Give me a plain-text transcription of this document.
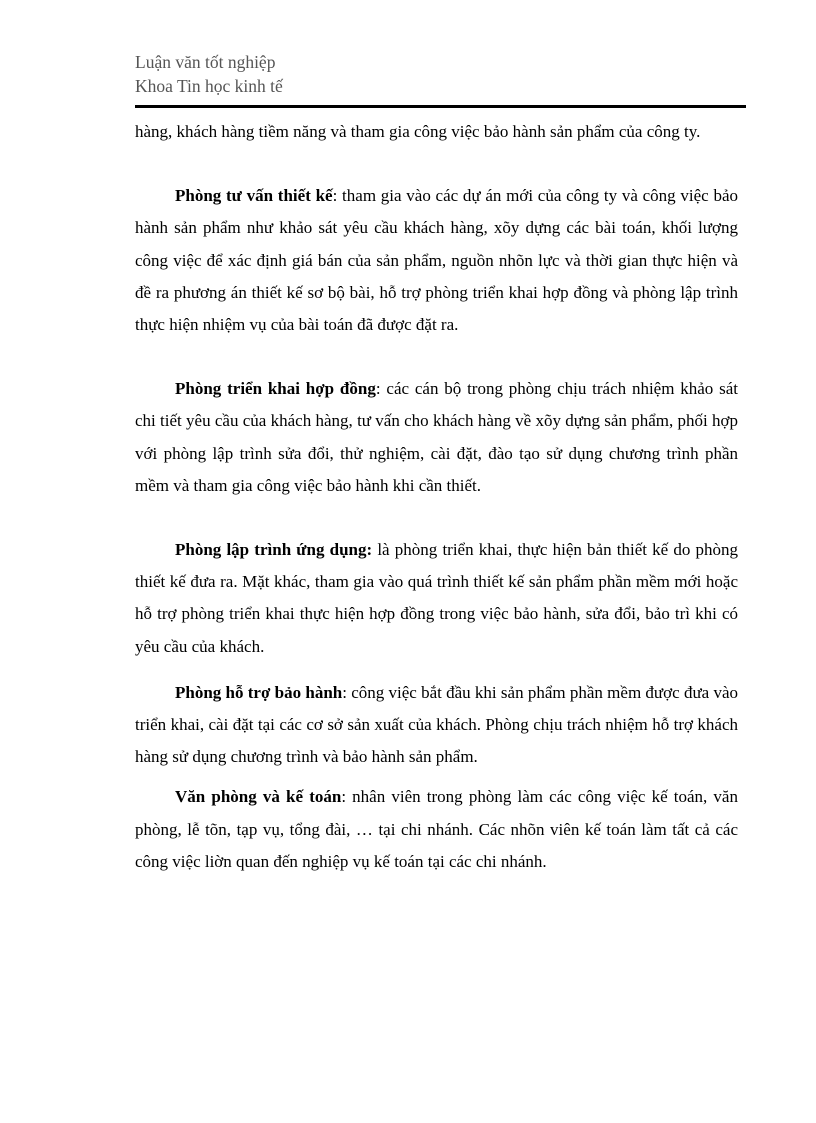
Luận văn tốt nghiệp
Khoa Tin học kinh tế

hàng, khách hàng tiềm năng và tham gia công việc bảo hành sản phẩm của công ty.

Phòng tư vấn thiết kế: tham gia vào các dự án mới của công ty và công việc bảo hành sản phẩm như khảo sát yêu cầu khách hàng, xõy dựng các bài toán, khối lượng công việc để xác định giá bán của sản phẩm, nguồn nhõn lực và thời gian thực hiện và đề ra phương án thiết kế sơ bộ bài, hỗ trợ phòng triển khai hợp đồng và phòng lập trình thực hiện nhiệm vụ của bài toán đã được đặt ra.

Phòng triển khai hợp đồng: các cán bộ trong phòng chịu trách nhiệm khảo sát chi tiết yêu cầu của khách hàng, tư vấn cho khách hàng về xõy dựng sản phẩm, phối hợp với phòng lập trình sửa đổi, thử nghiệm, cài đặt, đào tạo sử dụng chương trình phần mềm và tham gia công việc bảo hành khi cần thiết.

Phòng lập trình ứng dụng: là phòng triển khai, thực hiện bản thiết kế do phòng thiết kế đưa ra. Mặt khác, tham gia vào quá trình thiết kế sản phẩm phần mềm mới hoặc hỗ trợ phòng triển khai thực hiện hợp đồng trong việc bảo hành, sửa đổi, bảo trì khi có yêu cầu của khách.

Phòng hỗ trợ bảo hành: công việc bắt đầu khi sản phẩm phần mềm được đưa vào triển khai, cài đặt tại các cơ sở sản xuất của khách. Phòng chịu trách nhiệm hỗ trợ khách hàng sử dụng chương trình và bảo hành sản phẩm.

Văn phòng và kế toán: nhân viên trong phòng làm các công việc kế toán, văn phòng, lễ tõn, tạp vụ, tổng đài, … tại chi nhánh. Các nhõn viên kế toán làm tất cả các công việc liờn quan đến nghiệp vụ kế toán tại các chi nhánh.
